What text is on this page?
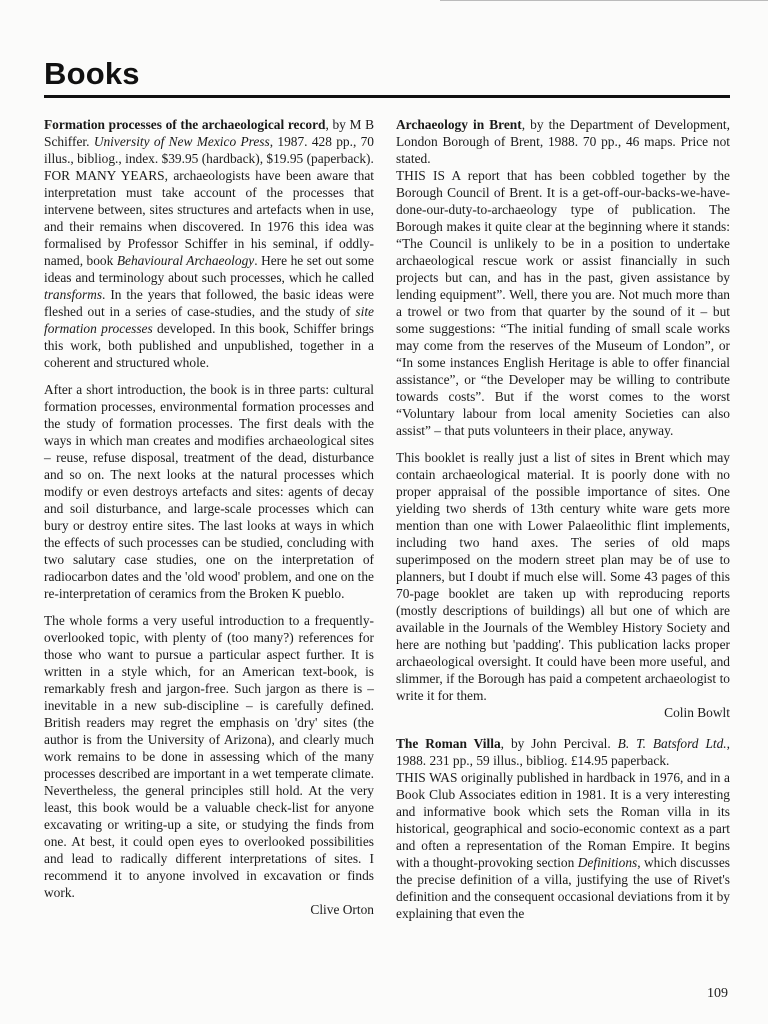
Books

Formation processes of the archaeological record, by M B Schiffer. University of New Mexico Press, 1987. 428 pp., 70 illus., bibliog., index. $39.95 (hardback), $19.95 (paperback).

FOR MANY YEARS, archaeologists have been aware that interpretation must take account of the processes that intervene between, sites structures and artefacts when in use, and their remains when discovered. In 1976 this idea was formalised by Professor Schiffer in his seminal, if oddly-named, book Behavioural Archaeology. Here he set out some ideas and terminology about such processes, which he called transforms. In the years that followed, the basic ideas were fleshed out in a series of case-studies, and the study of site formation processes developed. In this book, Schiffer brings this work, both published and unpublished, together in a coherent and structured whole.

After a short introduction, the book is in three parts: cultural formation processes, environmental formation processes and the study of formation processes. The first deals with the ways in which man creates and modifies archaeological sites – reuse, refuse disposal, treatment of the dead, disturbance and so on. The next looks at the natural processes which modify or even destroys artefacts and sites: agents of decay and soil disturbance, and large-scale processes which can bury or destroy entire sites. The last looks at ways in which the effects of such processes can be studied, concluding with two salutary case studies, one on the interpretation of radiocarbon dates and the 'old wood' problem, and one on the re-interpretation of ceramics from the Broken K pueblo.

The whole forms a very useful introduction to a frequently-overlooked topic, with plenty of (too many?) references for those who want to pursue a particular aspect further. It is written in a style which, for an American text-book, is remarkably fresh and jargon-free. Such jargon as there is – inevitable in a new sub-discipline – is carefully defined. British readers may regret the emphasis on 'dry' sites (the author is from the University of Arizona), and clearly much work remains to be done in assessing which of the many processes described are important in a wet temperate climate. Nevertheless, the general principles still hold. At the very least, this book would be a valuable check-list for anyone excavating or writing-up a site, or studying the finds from one. At best, it could open eyes to overlooked possibilities and lead to radically different interpretations of sites. I recommend it to anyone involved in excavation or finds work.
Clive Orton

Archaeology in Brent, by the Department of Development, London Borough of Brent, 1988. 70 pp., 46 maps. Price not stated.

THIS IS A report that has been cobbled together by the Borough Council of Brent. It is a get-off-our-backs-we-have-done-our-duty-to-archaeology type of publication. The Borough makes it quite clear at the beginning where it stands: “The Council is unlikely to be in a position to undertake archaeological rescue work or assist financially in such projects but can, and has in the past, given assistance by lending equipment”. Well, there you are. Not much more than a trowel or two from that quarter by the sound of it – but some suggestions: “The initial funding of small scale works may come from the reserves of the Museum of London”, or “In some instances English Heritage is able to offer financial assistance”, or “the Developer may be willing to contribute towards costs”. But if the worst comes to the worst “Voluntary labour from local amenity Societies can also assist” – that puts volunteers in their place, anyway.

This booklet is really just a list of sites in Brent which may contain archaeological material. It is poorly done with no proper appraisal of the possible importance of sites. One yielding two sherds of 13th century white ware gets more mention than one with Lower Palaeolithic flint implements, including two hand axes. The series of old maps superimposed on the modern street plan may be of use to planners, but I doubt if much else will. Some 43 pages of this 70-page booklet are taken up with reproducing reports (mostly descriptions of buildings) all but one of which are available in the Journals of the Wembley History Society and here are nothing but 'padding'. This publication lacks proper archaeological oversight. It could have been more useful, and slimmer, if the Borough has paid a competent archaeologist to write it for them.
Colin Bowlt

The Roman Villa, by John Percival. B. T. Batsford Ltd., 1988. 231 pp., 59 illus., bibliog. £14.95 paperback.

THIS WAS originally published in hardback in 1976, and in a Book Club Associates edition in 1981. It is a very interesting and informative book which sets the Roman villa in its historical, geographical and socio-economic context as a part and often a representation of the Roman Empire. It begins with a thought-provoking section Definitions, which discusses the precise definition of a villa, justifying the use of Rivet's definition and the consequent occasional deviations from it by explaining that even the

109
